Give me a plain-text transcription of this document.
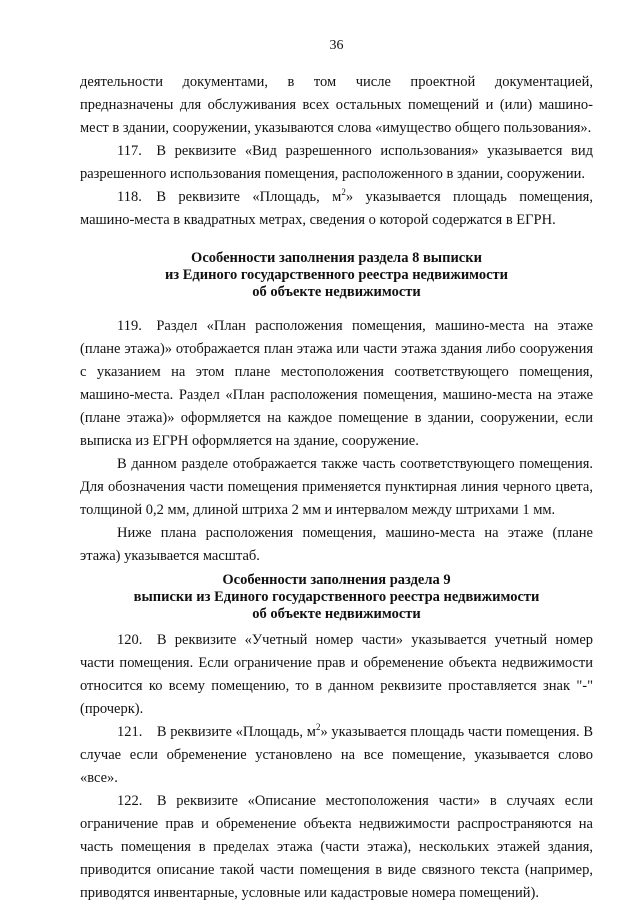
36

деятельности документами, в том числе проектной документацией, предназначены для обслуживания всех остальных помещений и (или) машино-мест в здании, сооружении, указываются слова «имущество общего пользования».

117. В реквизите «Вид разрешенного использования» указывается вид разрешенного использования помещения, расположенного в здании, сооружении.

118. В реквизите «Площадь, $м^2$» указывается площадь помещения, машино-места в квадратных метрах, сведения о которой содержатся в ЕГРН.

Особенности заполнения раздела 8 выписки
из Единого государственного реестра недвижимости
об объекте недвижимости

119. Раздел «План расположения помещения, машино-места на этаже (плане этажа)» отображается план этажа или части этажа здания либо сооружения с указанием на этом плане местоположения соответствующего помещения, машино-места. Раздел «План расположения помещения, машино-места на этаже (плане этажа)» оформляется на каждое помещение в здании, сооружении, если выписка из ЕГРН оформляется на здание, сооружение.

В данном разделе отображается также часть соответствующего помещения. Для обозначения части помещения применяется пунктирная линия черного цвета, толщиной 0,2 мм, длиной штриха 2 мм и интервалом между штрихами 1 мм.

Ниже плана расположения помещения, машино-места на этаже (плане этажа) указывается масштаб.

Особенности заполнения раздела 9
выписки из Единого государственного реестра недвижимости
об объекте недвижимости

120. В реквизите «Учетный номер части» указывается учетный номер части помещения. Если ограничение прав и обременение объекта недвижимости относится ко всему помещению, то в данном реквизите проставляется знак "-" (прочерк).

121. В реквизите «Площадь, $м^2$» указывается площадь части помещения. В случае если обременение установлено на все помещение, указывается слово «все».

122. В реквизите «Описание местоположения части» в случаях если ограничение прав и обременение объекта недвижимости распространяются на часть помещения в пределах этажа (части этажа), нескольких этажей здания, приводится описание такой части помещения в виде связного текста (например, приводятся инвентарные, условные или кадастровые номера помещений).
